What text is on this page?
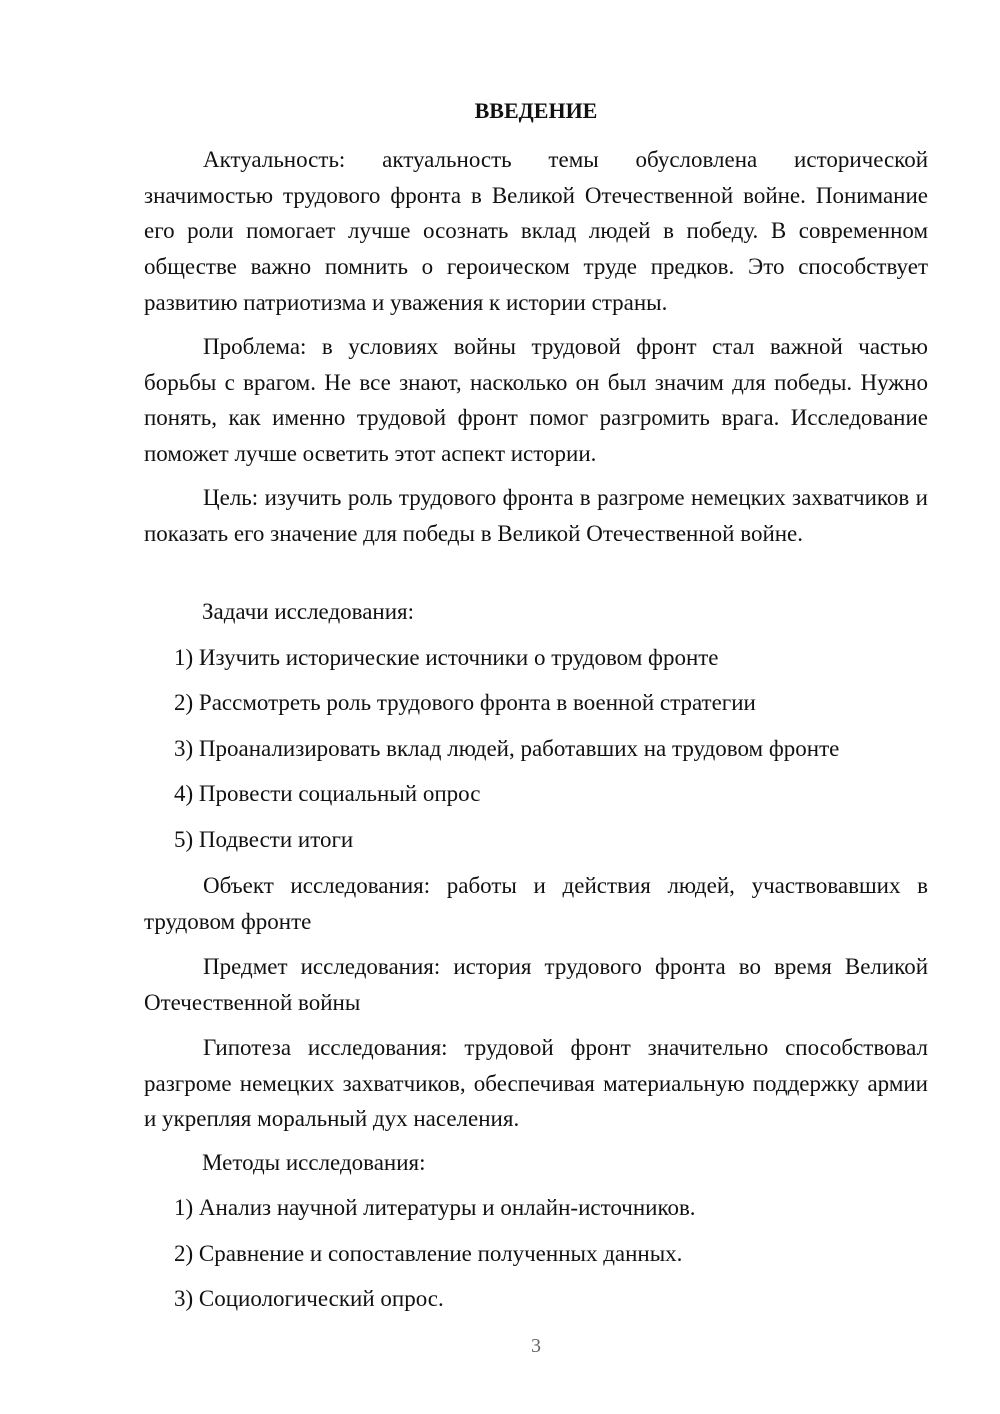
ВВЕДЕНИЕ

Актуальность: актуальность темы обусловлена исторической значимостью трудового фронта в Великой Отечественной войне. Понимание его роли помогает лучше осознать вклад людей в победу. В современном обществе важно помнить о героическом труде предков. Это способствует развитию патриотизма и уважения к истории страны.

Проблема: в условиях войны трудовой фронт стал важной частью борьбы с врагом. Не все знают, насколько он был значим для победы. Нужно понять, как именно трудовой фронт помог разгромить врага. Исследование поможет лучше осветить этот аспект истории.

Цель: изучить роль трудового фронта в разгроме немецких захватчиков и показать его значение для победы в Великой Отечественной войне.

Задачи исследования:

1) Изучить исторические источники о трудовом фронте

2) Рассмотреть роль трудового фронта в военной стратегии

3) Проанализировать вклад людей, работавших на трудовом фронте

4) Провести социальный опрос

5) Подвести итоги

Объект исследования: работы и действия людей, участвовавших в трудовом фронте

Предмет исследования: история трудового фронта во время Великой Отечественной войны

Гипотеза исследования: трудовой фронт значительно способствовал разгроме немецких захватчиков, обеспечивая материальную поддержку армии и укрепляя моральный дух населения.

Методы исследования:

1) Анализ научной литературы и онлайн-источников.

2) Сравнение и сопоставление полученных данных.

3) Социологический опрос.

3
